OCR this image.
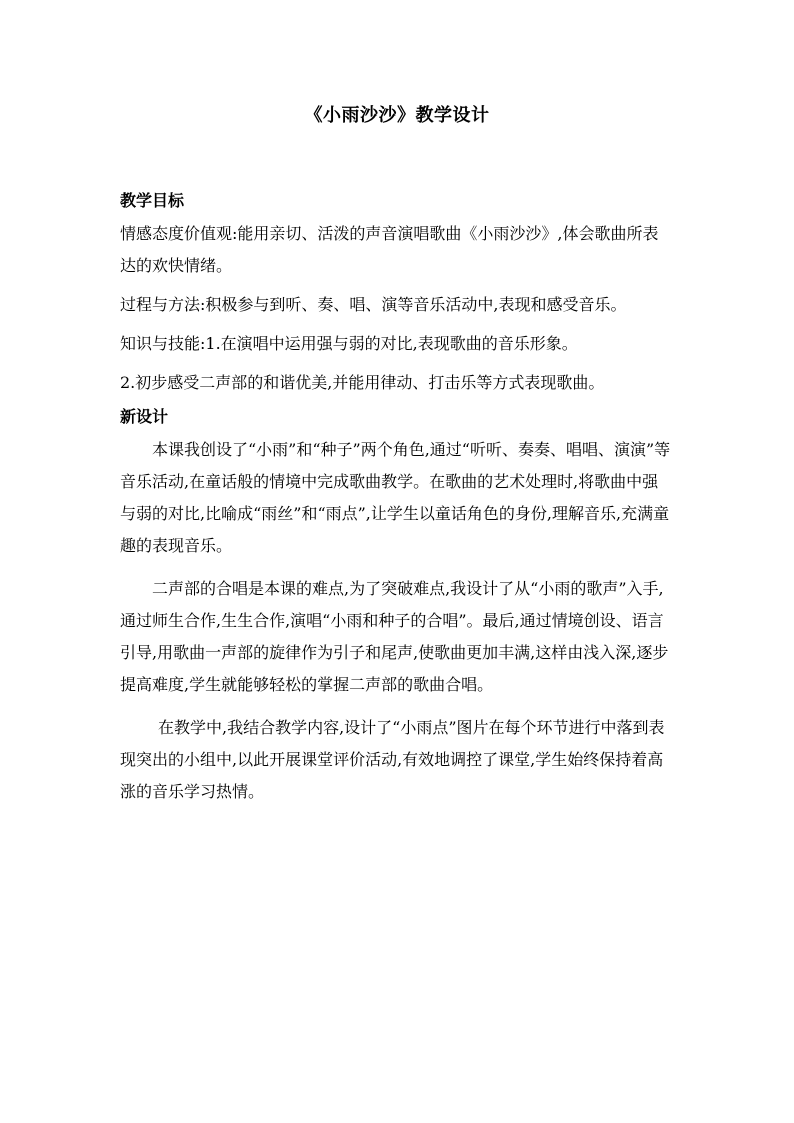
《小雨沙沙》教学设计
教学目标

情感态度价值观:能用亲切、活泼的声音演唱歌曲《小雨沙沙》,体会歌曲所表达的欢快情绪。

过程与方法:积极参与到听、奏、唱、演等音乐活动中,表现和感受音乐。

知识与技能:1.在演唱中运用强与弱的对比,表现歌曲的音乐形象。

2.初步感受二声部的和谐优美,并能用律动、打击乐等方式表现歌曲。

新设计

本课我创设了“小雨”和“种子”两个角色,通过“听听、奏奏、唱唱、演演”等音乐活动,在童话般的情境中完成歌曲教学。在歌曲的艺术处理时,将歌曲中强与弱的对比,比喻成“雨丝”和“雨点”,让学生以童话角色的身份,理解音乐,充满童趣的表现音乐。

二声部的合唱是本课的难点,为了突破难点,我设计了从“小雨的歌声”入手,通过师生合作,生生合作,演唱“小雨和种子的合唱”。最后,通过情境创设、语言引导,用歌曲一声部的旋律作为引子和尾声,使歌曲更加丰满,这样由浅入深,逐步提高难度,学生就能够轻松的掌握二声部的歌曲合唱。

在教学中,我结合教学内容,设计了“小雨点”图片在每个环节进行中落到表现突出的小组中,以此开展课堂评价活动,有效地调控了课堂,学生始终保持着高涨的音乐学习热情。
